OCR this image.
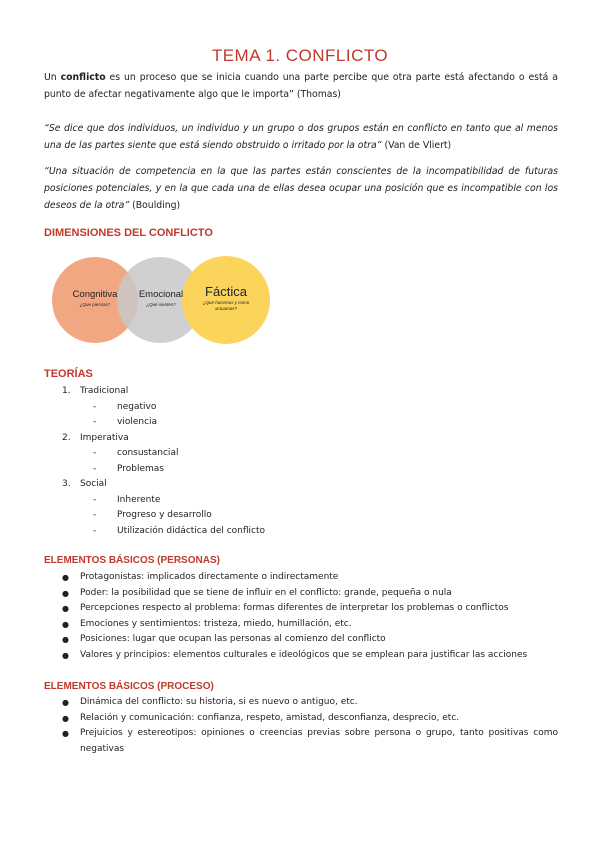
TEMA 1. CONFLICTO
Un conflicto es un proceso que se inicia cuando una parte percibe que otra parte está afectando o está a punto de afectar negativamente algo que le importa” (Thomas)
“Se dice que dos individuos, un individuo y un grupo o dos grupos están en conflicto en tanto que al menos una de las partes siente que está siendo obstruido o irritado por la otra” (Van de Vliert)
“Una situación de competencia en la que las partes están conscientes de la incompatibilidad de futuras posiciones potenciales, y en la que cada una de ellas desea ocupar una posición que es incompatible con los deseos de la otra” (Boulding)
DIMENSIONES DEL CONFLICTO
Congnitiva
¿Que piensas?
Emocional
¿Qué sientes?
Fáctica
¿Que hacemos y como actuamos?
TEORÍAS
1. Tradicional
- negativo
- violencia
2. Imperativa
- consustancial
- Problemas
3. Social
- Inherente
- Progreso y desarrollo
- Utilización didáctica del conflicto
ELEMENTOS BÁSICOS (PERSONAS)
● Protagonistas: implicados directamente o indirectamente
● Poder: la posibilidad que se tiene de influir en el conflicto: grande, pequeña o nula
● Percepciones respecto al problema: formas diferentes de interpretar los problemas o conflictos
● Emociones y sentimientos: tristeza, miedo, humillación, etc.
● Posiciones: lugar que ocupan las personas al comienzo del conflicto
● Valores y principios: elementos culturales e ideológicos que se emplean para justificar las acciones
ELEMENTOS BÁSICOS (PROCESO)
● Dinámica del conflicto: su historia, si es nuevo o antiguo, etc.
● Relación y comunicación: confianza, respeto, amistad, desconfianza, desprecio, etc.
● Prejuicios y estereotipos: opiniones o creencias previas sobre persona o grupo, tanto positivas como negativas
